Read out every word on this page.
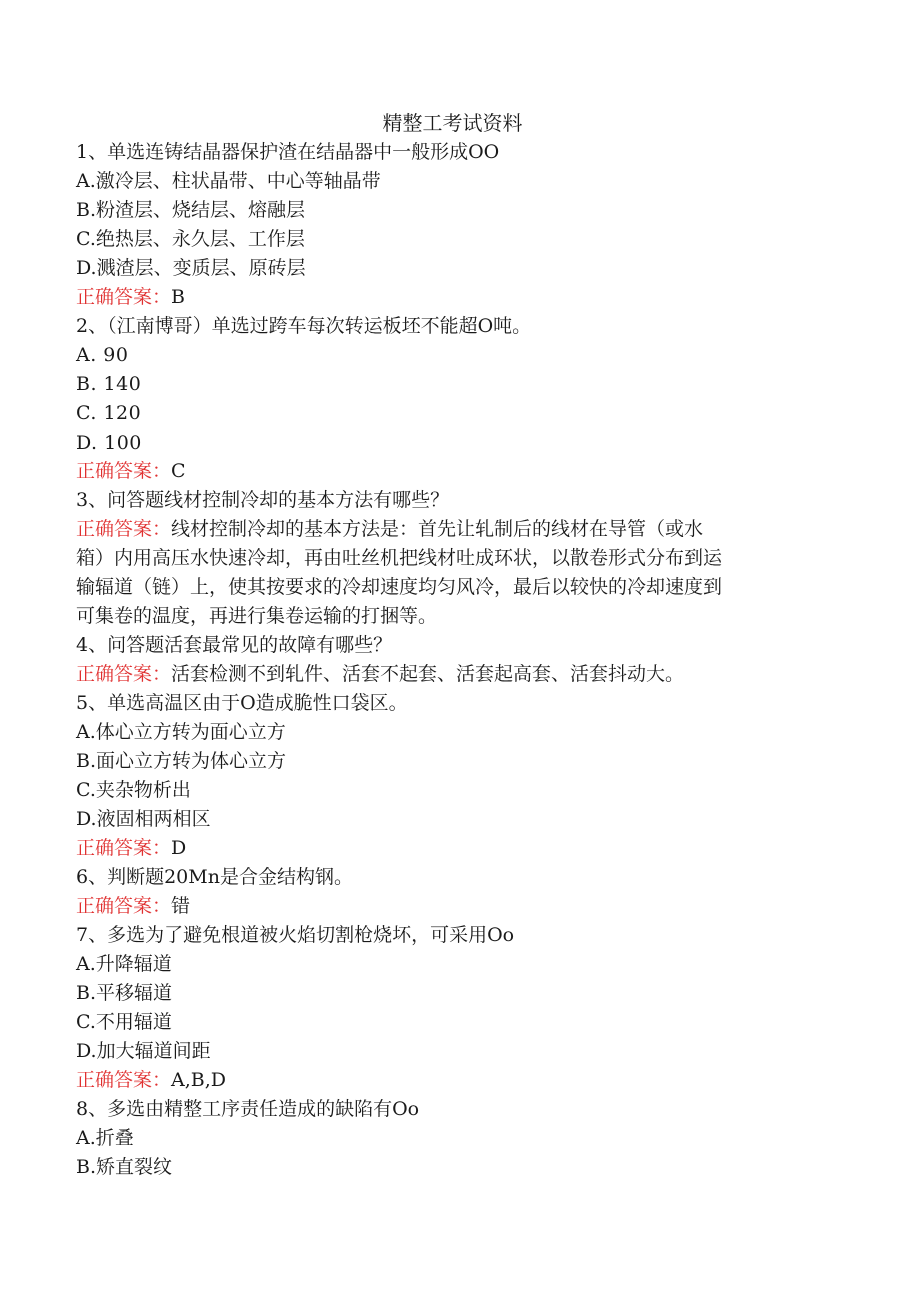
精整工考试资料
1、单选连铸结晶器保护渣在结晶器中一般形成OO
A.激冷层、柱状晶带、中心等轴晶带
B.粉渣层、烧结层、熔融层
C.绝热层、永久层、工作层
D.溅渣层、变质层、原砖层
正确答案：B
2、（江南博哥）单选过跨车每次转运板坯不能超O吨。
A. 90
B. 140
C. 120
D. 100
正确答案：C
3、问答题线材控制冷却的基本方法有哪些？
正确答案：线材控制冷却的基本方法是：首先让轧制后的线材在导管（或水
箱）内用高压水快速冷却，再由吐丝机把线材吐成环状，以散卷形式分布到运
输辐道（链）上，使其按要求的冷却速度均匀风冷，最后以较快的冷却速度到
可集卷的温度，再进行集卷运输的打捆等。
4、问答题活套最常见的故障有哪些？
正确答案：活套检测不到轧件、活套不起套、活套起高套、活套抖动大。
5、单选高温区由于O造成脆性口袋区。
A.体心立方转为面心立方
B.面心立方转为体心立方
C.夹杂物析出
D.液固相两相区
正确答案：D
6、判断题20Mn是合金结构钢。
正确答案：错
7、多选为了避免根道被火焰切割枪烧坏，可采用Oo
A.升降辐道
B.平移辐道
C.不用辐道
D.加大辐道间距
正确答案：A,B,D
8、多选由精整工序责任造成的缺陷有Oo
A.折叠
B.矫直裂纹
